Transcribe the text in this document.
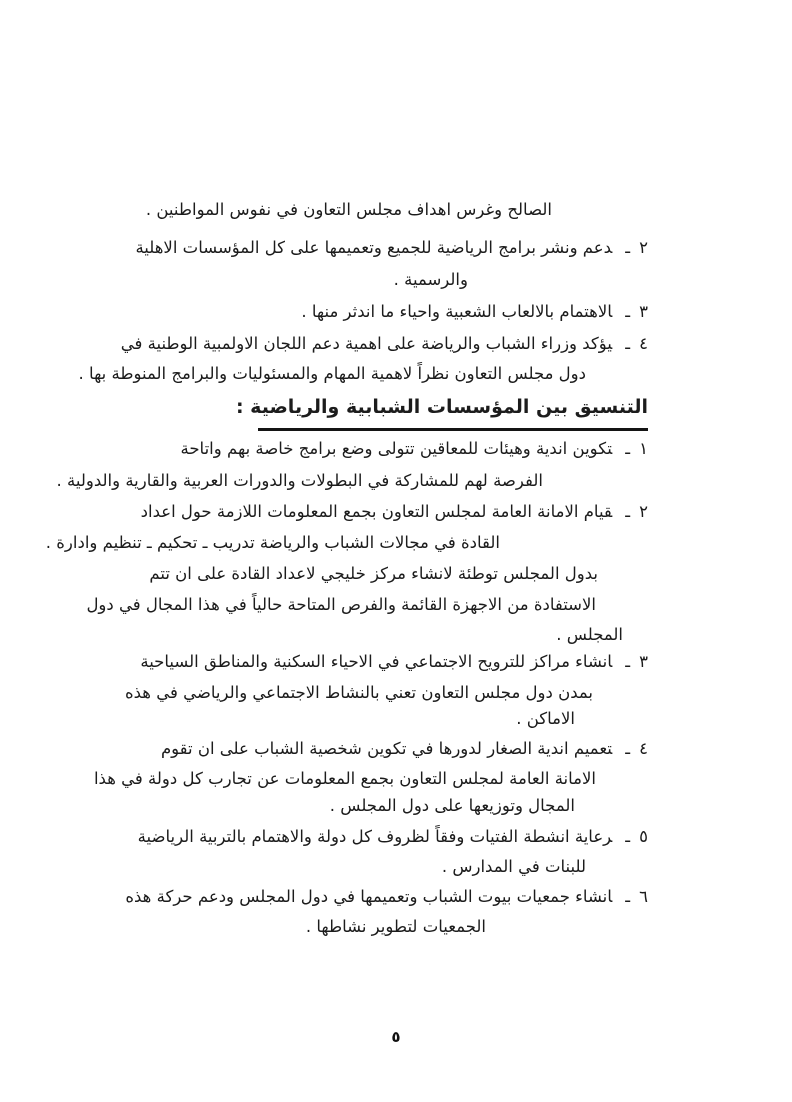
الصالح وغرس اهداف مجلس التعاون في نفوس المواطنين .
٢ـدعم ونشر برامج الرياضية للجميع وتعميمها على كل المؤسسات الاهلية
والرسمية .
٣ـالاهتمام بالالعاب الشعبية واحياء ما اندثر منها .
٤ـيؤكد وزراء الشباب والرياضة على اهمية دعم اللجان الاولمبية الوطنية في
دول مجلس التعاون نظراً لاهمية المهام والمسئوليات والبرامج المنوطة بها .
التنسيق بين المؤسسات الشبابية والرياضية :
١ـتكوين اندية وهيئات للمعاقين تتولى وضع برامج خاصة بهم واتاحة
الفرصة لهم للمشاركة في البطولات والدورات العربية والقارية والدولية .
٢ـقيام الامانة العامة لمجلس التعاون بجمع المعلومات اللازمة حول اعداد
القادة في مجالات الشباب والرياضة تدريب ـ تحكيم ـ تنظيم وادارة .
بدول المجلس توطئة لانشاء مركز خليجي لاعداد القادة على ان تتم
الاستفادة من الاجهزة القائمة والفرص المتاحة حالياً في هذا المجال في دول
المجلس .
٣ـانشاء مراكز للترويح الاجتماعي في الاحياء السكنية والمناطق السياحية
بمدن دول مجلس التعاون تعني بالنشاط الاجتماعي والرياضي في هذه
الاماكن .
٤ـتعميم اندية الصغار لدورها في تكوين شخصية الشباب على ان تقوم
الامانة العامة لمجلس التعاون بجمع المعلومات عن تجارب كل دولة في هذا
المجال وتوزيعها على دول المجلس .
٥ـرعاية انشطة الفتيات وفقاً لظروف كل دولة والاهتمام بالتربية الرياضية
للبنات في المدارس .
٦ـانشاء جمعيات بيوت الشباب وتعميمها في دول المجلس ودعم حركة هذه
الجمعيات لتطوير نشاطها .
٥
